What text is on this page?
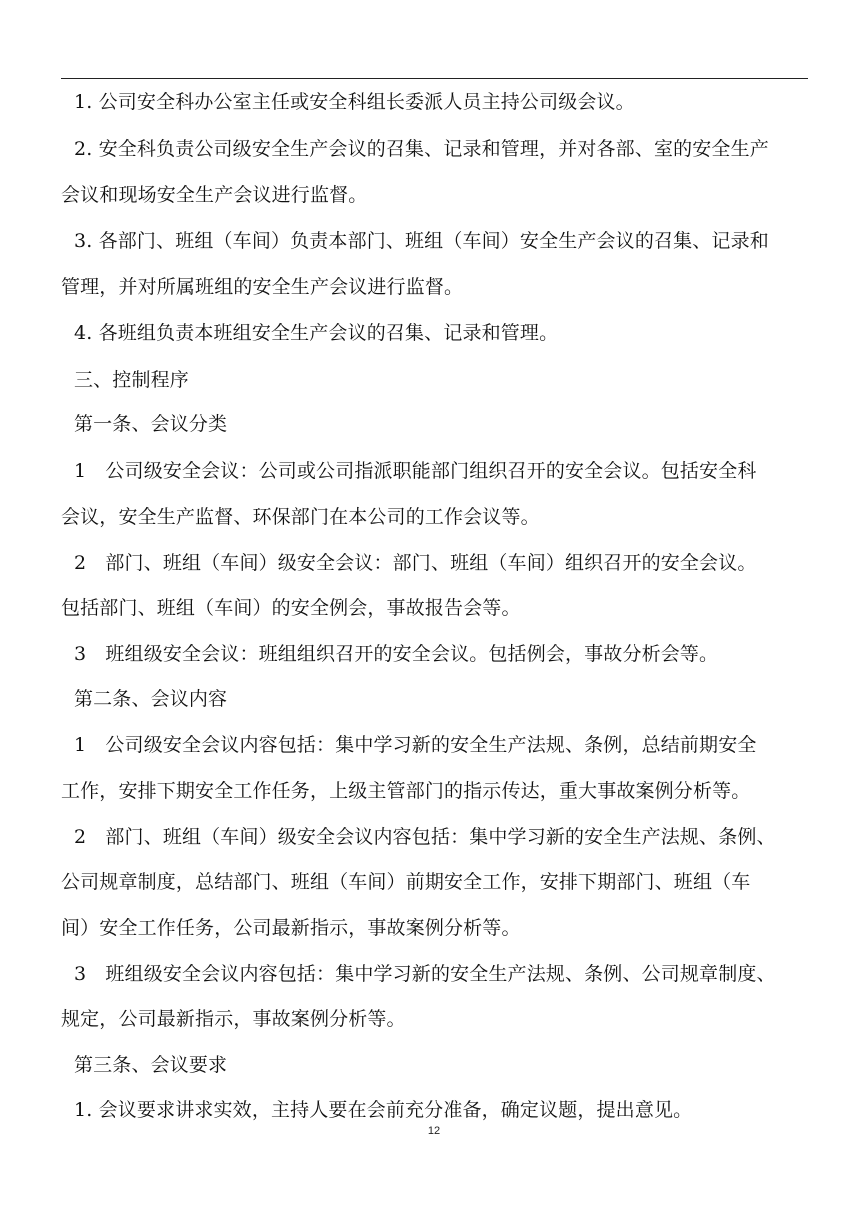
1. 公司安全科办公室主任或安全科组长委派人员主持公司级会议。
2. 安全科负责公司级安全生产会议的召集、记录和管理，并对各部、室的安全生产
会议和现场安全生产会议进行监督。
3. 各部门、班组（车间）负责本部门、班组（车间）安全生产会议的召集、记录和
管理，并对所属班组的安全生产会议进行监督。
4. 各班组负责本班组安全生产会议的召集、记录和管理。
三、控制程序
第一条、会议分类
1　公司级安全会议：公司或公司指派职能部门组织召开的安全会议。包括安全科
会议，安全生产监督、环保部门在本公司的工作会议等。
2　部门、班组（车间）级安全会议：部门、班组（车间）组织召开的安全会议。
包括部门、班组（车间）的安全例会，事故报告会等。
3　班组级安全会议：班组组织召开的安全会议。包括例会，事故分析会等。
第二条、会议内容
1　公司级安全会议内容包括：集中学习新的安全生产法规、条例，总结前期安全
工作，安排下期安全工作任务，上级主管部门的指示传达，重大事故案例分析等。
2　部门、班组（车间）级安全会议内容包括：集中学习新的安全生产法规、条例、
公司规章制度，总结部门、班组（车间）前期安全工作，安排下期部门、班组（车
间）安全工作任务，公司最新指示，事故案例分析等。
3　班组级安全会议内容包括：集中学习新的安全生产法规、条例、公司规章制度、
规定，公司最新指示，事故案例分析等。
第三条、会议要求
1. 会议要求讲求实效，主持人要在会前充分准备，确定议题，提出意见。
12
